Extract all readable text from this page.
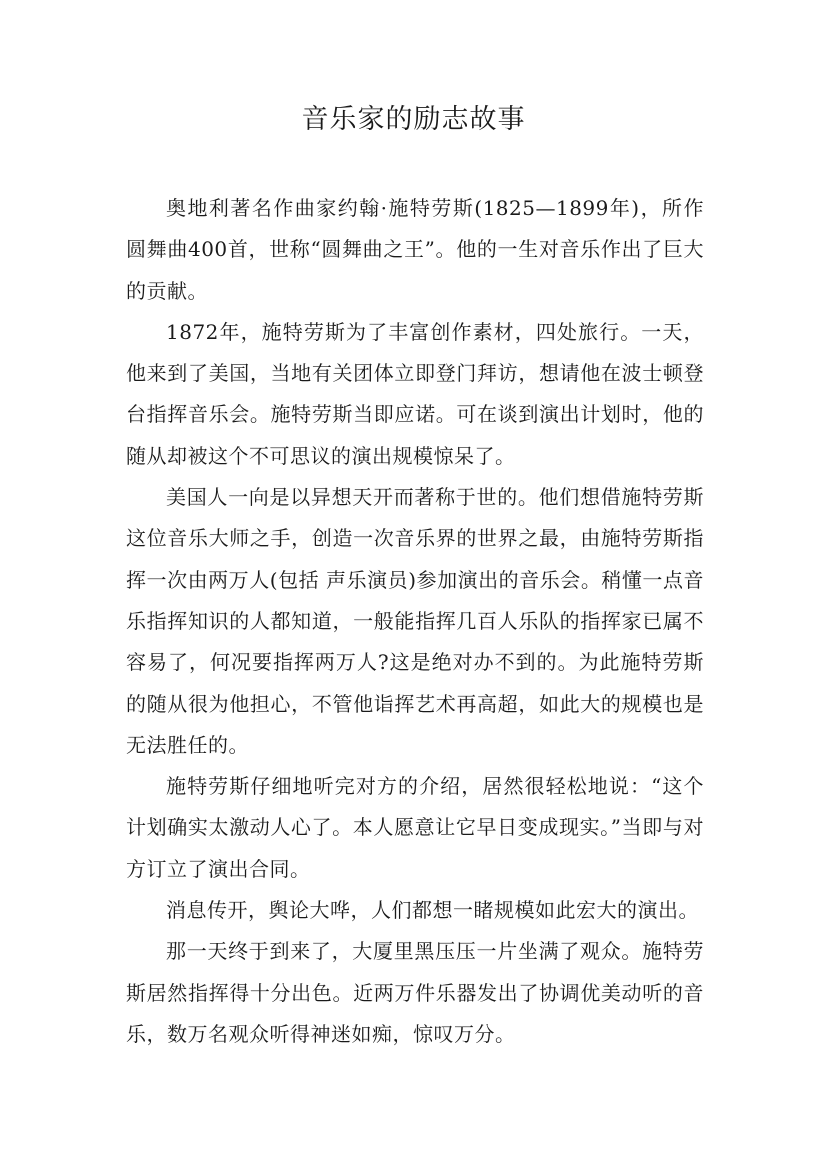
音乐家的励志故事

奥地利著名作曲家约翰·施特劳斯(1825—1899年)，所作圆舞曲400首，世称“圆舞曲之王”。他的一生对音乐作出了巨大的贡献。

1872年，施特劳斯为了丰富创作素材，四处旅行。一天，他来到了美国，当地有关团体立即登门拜访，想请他在波士顿登台指挥音乐会。施特劳斯当即应诺。可在谈到演出计划时，他的随从却被这个不可思议的演出规模惊呆了。

美国人一向是以异想天开而著称于世的。他们想借施特劳斯这位音乐大师之手，创造一次音乐界的世界之最，由施特劳斯指挥一次由两万人(包括 声乐演员)参加演出的音乐会。稍懂一点音乐指挥知识的人都知道，一般能指挥几百人乐队的指挥家已属不容易了，何况要指挥两万人?这是绝对办不到的。为此施特劳斯的随从很为他担心，不管他诣挥艺术再高超，如此大的规模也是无法胜任的。

施特劳斯仔细地听完对方的介绍，居然很轻松地说：“这个计划确实太激动人心了。本人愿意让它早日变成现实。”当即与对方订立了演出合同。

消息传开，舆论大哗，人们都想一睹规模如此宏大的演出。

那一天终于到来了，大厦里黑压压一片坐满了观众。施特劳斯居然指挥得十分出色。近两万件乐器发出了协调优美动听的音乐，数万名观众听得神迷如痴，惊叹万分。
